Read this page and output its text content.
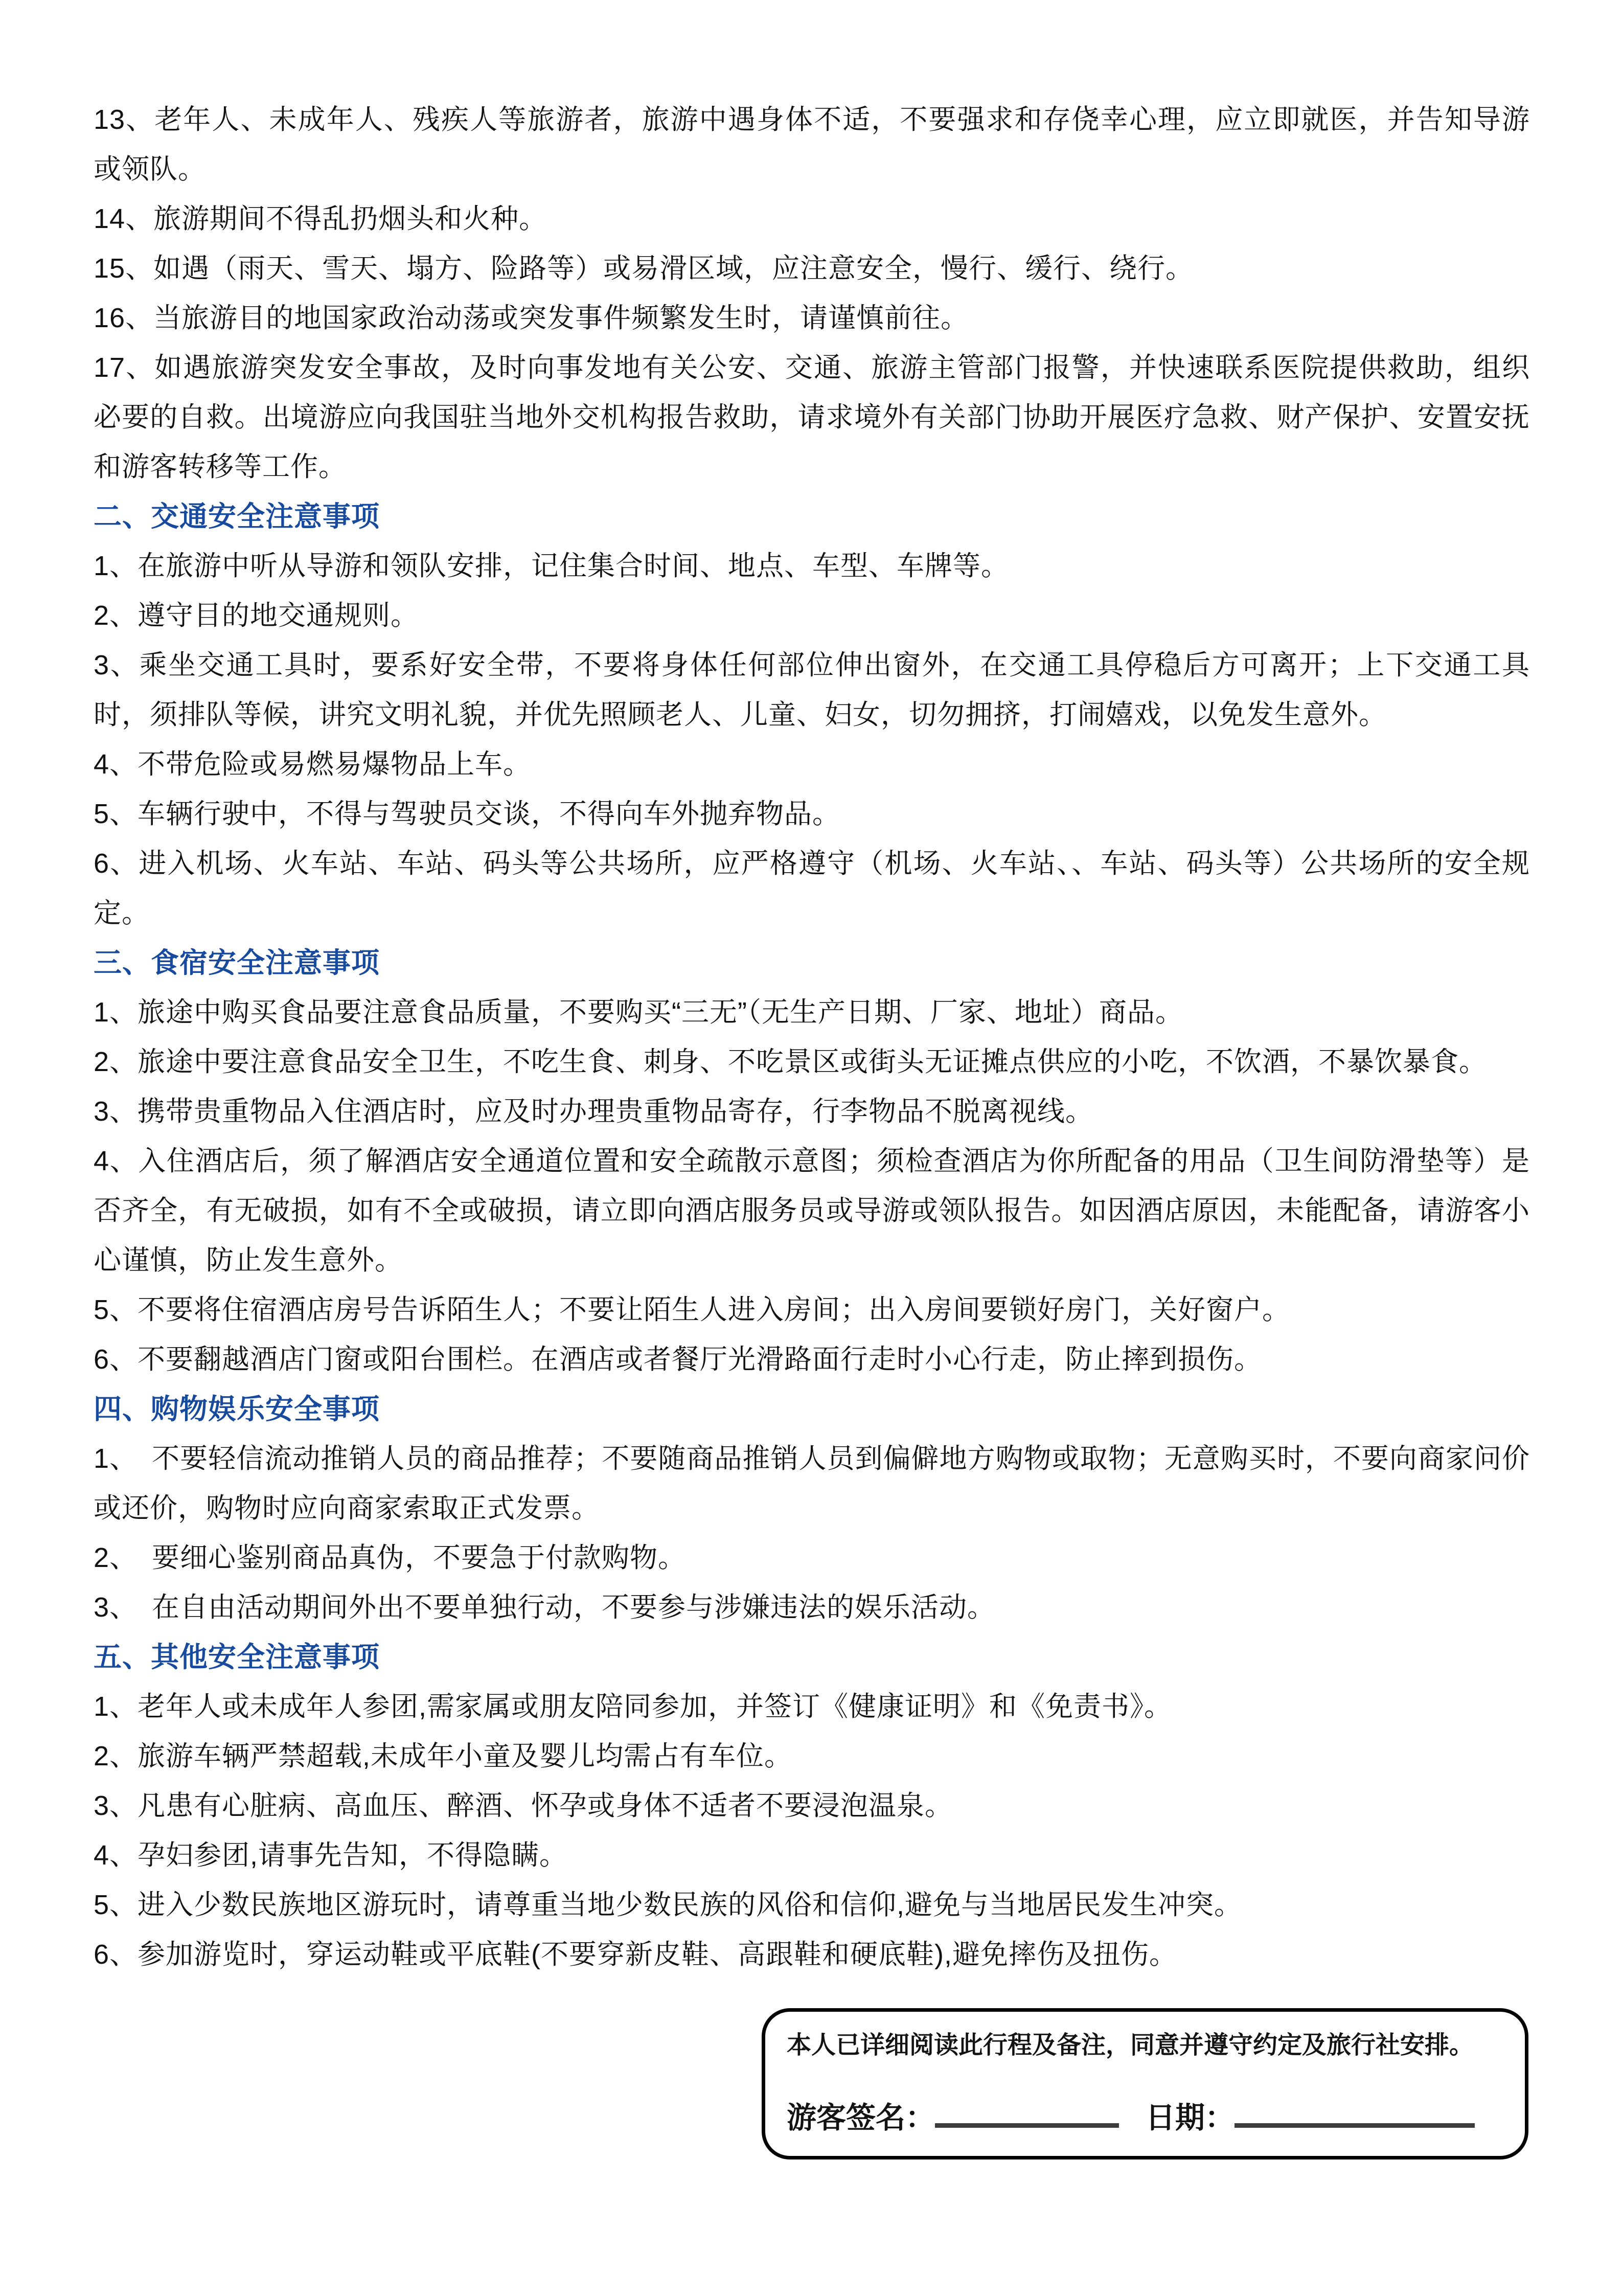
13、老年人、未成年人、残疾人等旅游者，旅游中遇身体不适，不要强求和存侥幸心理，应立即就医，并告知导游或领队。

14、旅游期间不得乱扔烟头和火种。

15、如遇（雨天、雪天、塌方、险路等）或易滑区域，应注意安全，慢行、缓行、绕行。

16、当旅游目的地国家政治动荡或突发事件频繁发生时，请谨慎前往。

17、如遇旅游突发安全事故，及时向事发地有关公安、交通、旅游主管部门报警，并快速联系医院提供救助，组织必要的自救。出境游应向我国驻当地外交机构报告救助，请求境外有关部门协助开展医疗急救、财产保护、安置安抚和游客转移等工作。

二、交通安全注意事项

1、在旅游中听从导游和领队安排，记住集合时间、地点、车型、车牌等。

2、遵守目的地交通规则。

3、乘坐交通工具时，要系好安全带，不要将身体任何部位伸出窗外，在交通工具停稳后方可离开；上下交通工具时，须排队等候，讲究文明礼貌，并优先照顾老人、儿童、妇女，切勿拥挤，打闹嬉戏，以免发生意外。

4、不带危险或易燃易爆物品上车。

5、车辆行驶中，不得与驾驶员交谈，不得向车外抛弃物品。

6、进入机场、火车站、车站、码头等公共场所，应严格遵守（机场、火车站、、车站、码头等）公共场所的安全规定。

三、食宿安全注意事项

1、旅途中购买食品要注意食品质量，不要购买“三无”（无生产日期、厂家、地址）商品。

2、旅途中要注意食品安全卫生，不吃生食、刺身、不吃景区或街头无证摊点供应的小吃，不饮酒，不暴饮暴食。

3、携带贵重物品入住酒店时，应及时办理贵重物品寄存，行李物品不脱离视线。

4、入住酒店后，须了解酒店安全通道位置和安全疏散示意图；须检查酒店为你所配备的用品（卫生间防滑垫等）是否齐全，有无破损，如有不全或破损，请立即向酒店服务员或导游或领队报告。如因酒店原因，未能配备，请游客小心谨慎，防止发生意外。

5、不要将住宿酒店房号告诉陌生人；不要让陌生人进入房间；出入房间要锁好房门，关好窗户。

6、不要翻越酒店门窗或阳台围栏。在酒店或者餐厅光滑路面行走时小心行走，防止摔到损伤。

四、购物娱乐安全事项

1、　不要轻信流动推销人员的商品推荐；不要随商品推销人员到偏僻地方购物或取物；无意购买时，不要向商家问价或还价，购物时应向商家索取正式发票。

2、　要细心鉴别商品真伪，不要急于付款购物。

3、　在自由活动期间外出不要单独行动，不要参与涉嫌违法的娱乐活动。

五、其他安全注意事项

1、老年人或未成年人参团,需家属或朋友陪同参加，并签订《健康证明》和《免责书》。

2、旅游车辆严禁超载,未成年小童及婴儿均需占有车位。

3、凡患有心脏病、高血压、醉酒、怀孕或身体不适者不要浸泡温泉。

4、孕妇参团,请事先告知，不得隐瞒。

5、进入少数民族地区游玩时，请尊重当地少数民族的风俗和信仰,避免与当地居民发生冲突。

6、参加游览时，穿运动鞋或平底鞋(不要穿新皮鞋、高跟鞋和硬底鞋),避免摔伤及扭伤。

本人已详细阅读此行程及备注，同意并遵守约定及旅行社安排。
游客签名：	日期：
